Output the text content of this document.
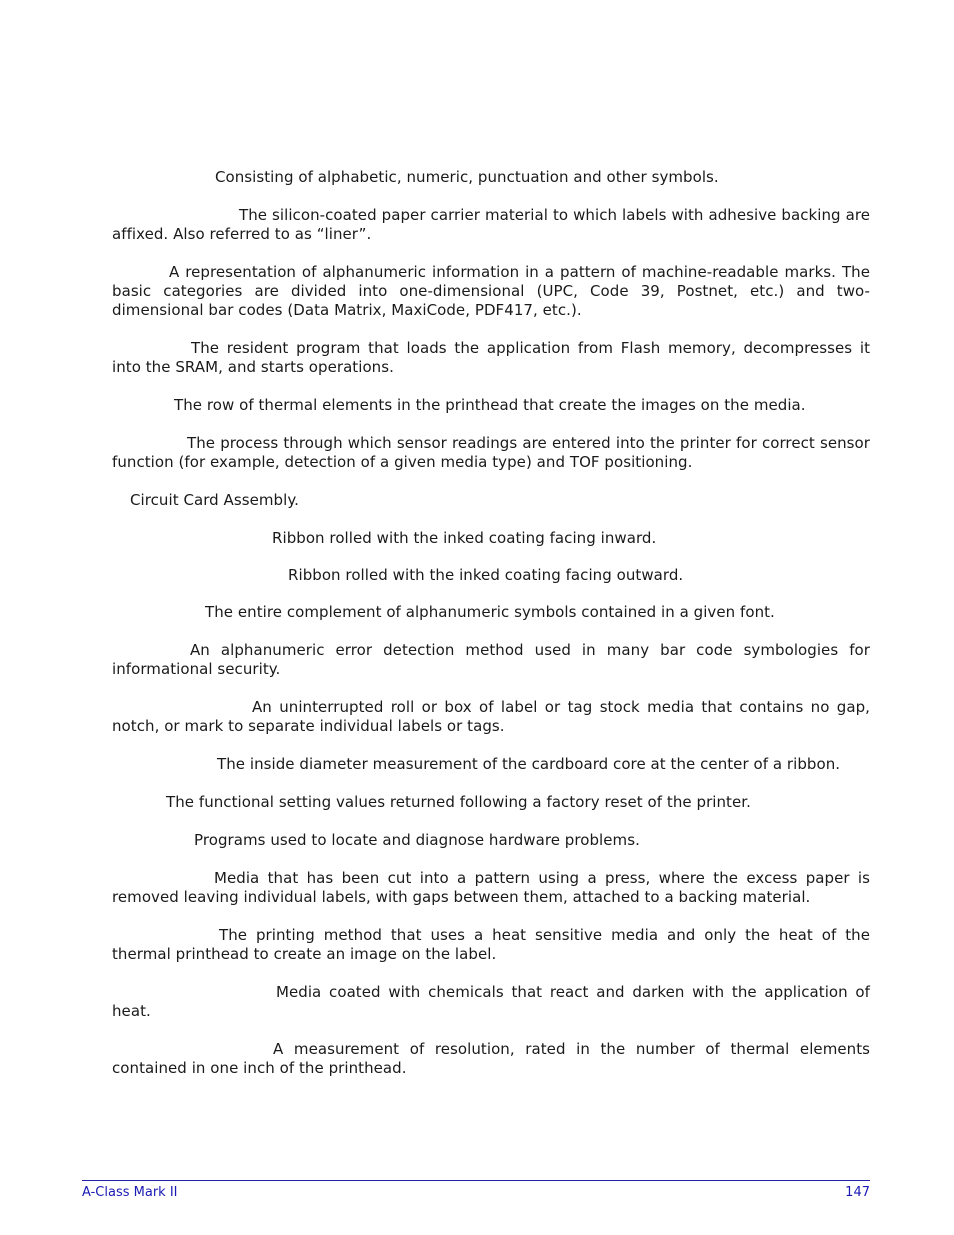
Consisting of alphabetic, numeric, punctuation and other symbols.

The silicon-coated paper carrier material to which labels with adhesive backing are affixed. Also referred to as “liner”.

A representation of alphanumeric information in a pattern of machine-readable marks. The basic categories are divided into one-dimensional (UPC, Code 39, Postnet, etc.) and two-dimensional bar codes (Data Matrix, MaxiCode, PDF417, etc.).

The resident program that loads the application from Flash memory, decompresses it into the SRAM, and starts operations.

The row of thermal elements in the printhead that create the images on the media.

The process through which sensor readings are entered into the printer for correct sensor function (for example, detection of a given media type) and TOF positioning.

Circuit Card Assembly.

Ribbon rolled with the inked coating facing inward.

Ribbon rolled with the inked coating facing outward.

The entire complement of alphanumeric symbols contained in a given font.

An alphanumeric error detection method used in many bar code symbologies for informational security.

An uninterrupted roll or box of label or tag stock media that contains no gap, notch, or mark to separate individual labels or tags.

The inside diameter measurement of the cardboard core at the center of a ribbon.

The functional setting values returned following a factory reset of the printer.

Programs used to locate and diagnose hardware problems.

Media that has been cut into a pattern using a press, where the excess paper is removed leaving individual labels, with gaps between them, attached to a backing material.

The printing method that uses a heat sensitive media and only the heat of the thermal printhead to create an image on the label.

Media coated with chemicals that react and darken with the application of heat.

A measurement of resolution, rated in the number of thermal elements contained in one inch of the printhead.

A-Class Mark II	147
